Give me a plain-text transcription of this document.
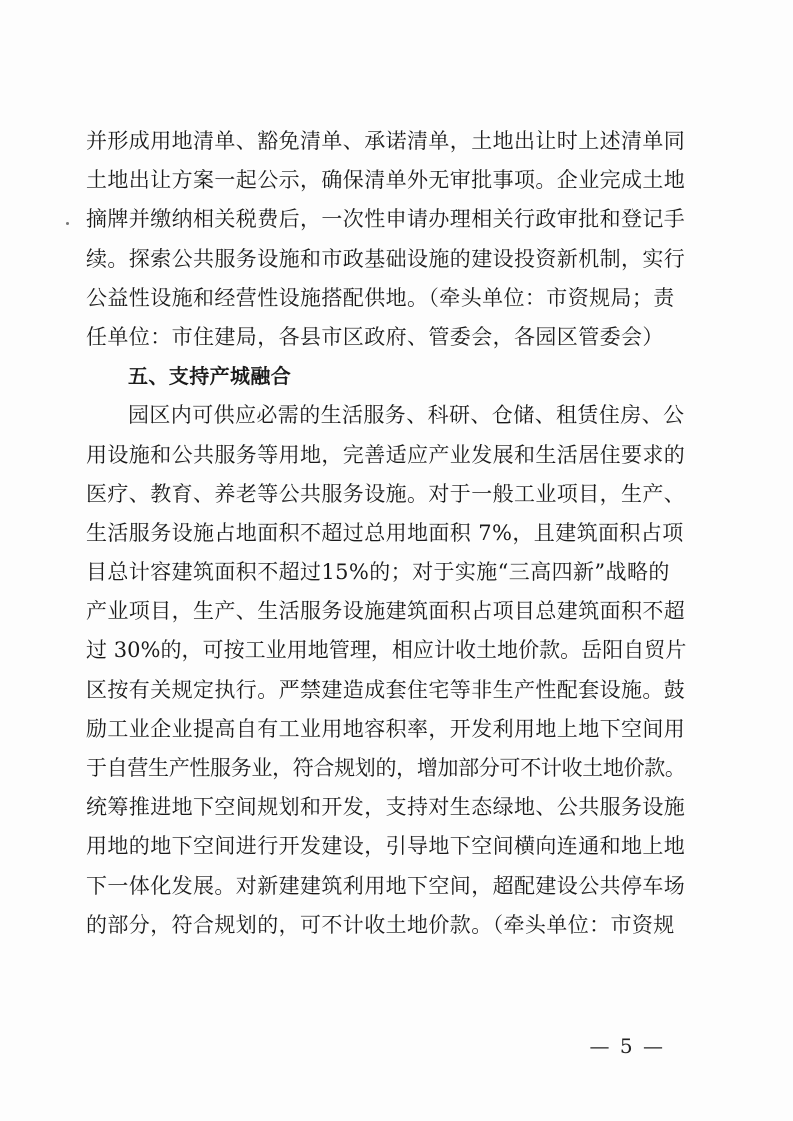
并形成用地清单、豁免清单、承诺清单，土地出让时上述清单同
土地出让方案一起公示，确保清单外无审批事项。企业完成土地
摘牌并缴纳相关税费后，一次性申请办理相关行政审批和登记手
续。探索公共服务设施和市政基础设施的建设投资新机制，实行
公益性设施和经营性设施搭配供地。（牵头单位：市资规局；责
任单位：市住建局，各县市区政府、管委会，各园区管委会）
五、支持产城融合
园区内可供应必需的生活服务、科研、仓储、租赁住房、公
用设施和公共服务等用地，完善适应产业发展和生活居住要求的
医疗、教育、养老等公共服务设施。对于一般工业项目，生产、
生活服务设施占地面积不超过总用地面积 7%，且建筑面积占项
目总计容建筑面积不超过15%的；对于实施“三高四新”战略的
产业项目，生产、生活服务设施建筑面积占项目总建筑面积不超
过 30%的，可按工业用地管理，相应计收土地价款。岳阳自贸片
区按有关规定执行。严禁建造成套住宅等非生产性配套设施。鼓
励工业企业提高自有工业用地容积率，开发利用地上地下空间用
于自营生产性服务业，符合规划的，增加部分可不计收土地价款。
统筹推进地下空间规划和开发，支持对生态绿地、公共服务设施
用地的地下空间进行开发建设，引导地下空间横向连通和地上地
下一体化发展。对新建建筑利用地下空间，超配建设公共停车场
的部分，符合规划的，可不计收土地价款。（牵头单位：市资规
— 5 —
